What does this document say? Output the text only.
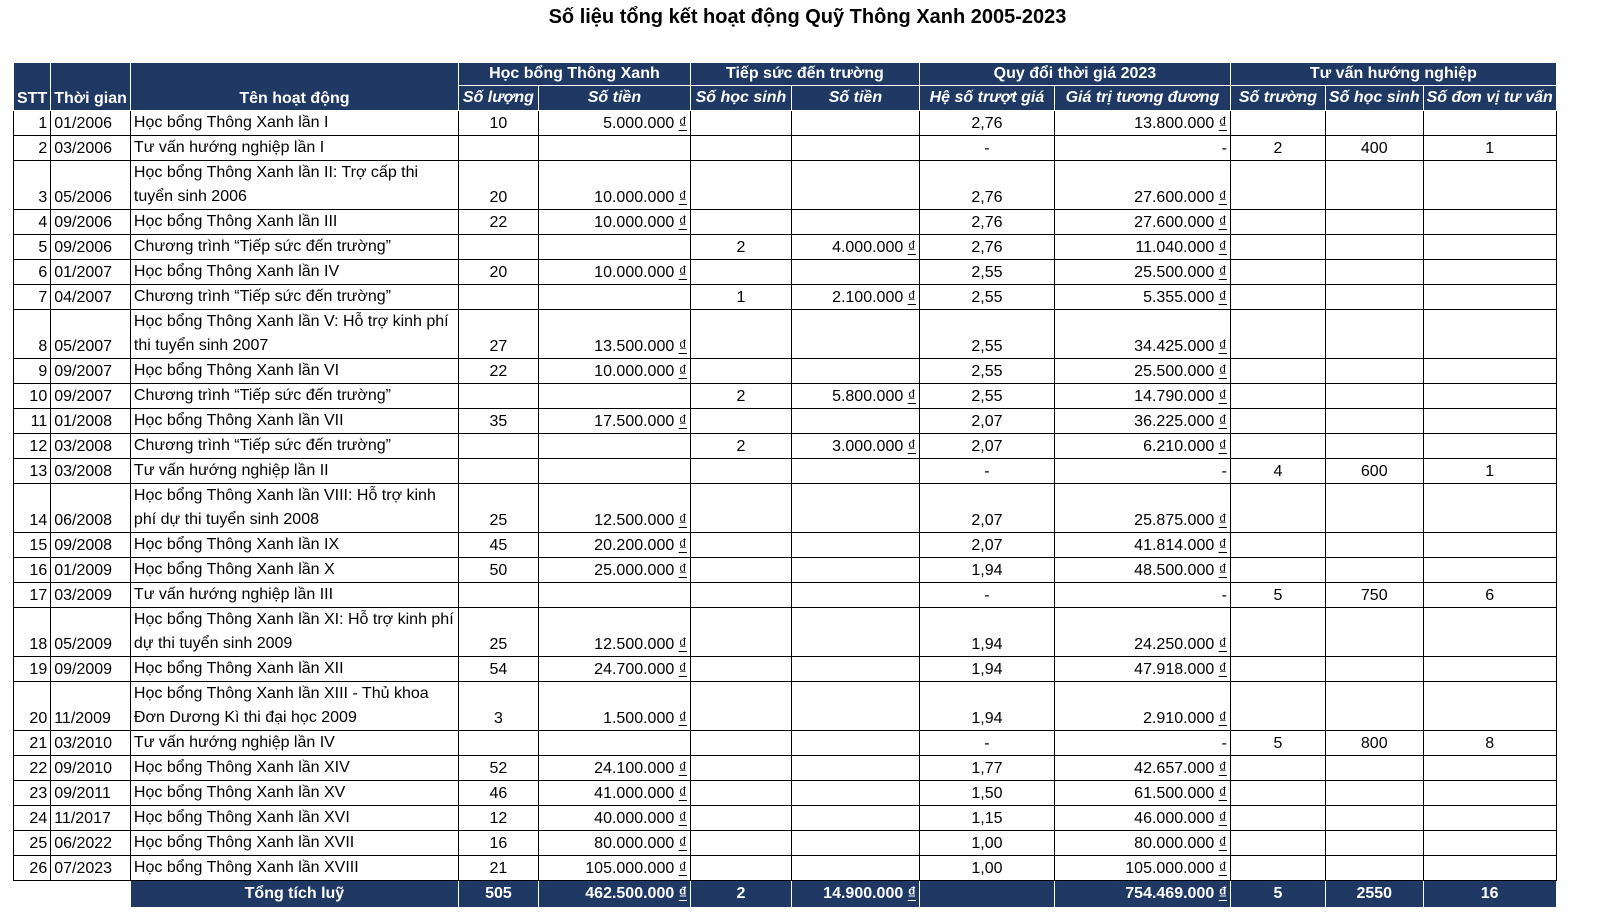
Số liệu tổng kết hoạt động Quỹ Thông Xanh 2005-2023
STT	Thời gian	Tên hoạt động	Học bổng Thông Xanh		Tiếp sức đến trường		Quy đổi thời giá 2023		Tư vấn hướng nghiệp		
			Số lượng	Số tiền	Số học sinh	Số tiền	Hệ số trượt giá	Giá trị tương đương	Số trường	Số học sinh	Số đơn vị tư vấn
1	01/2006	Học bổng Thông Xanh lần I	10	5.000.000 ₫			2,76	13.800.000 ₫			
2	03/2006	Tư vấn hướng nghiệp lần I					-	-	2	400	1
3	05/2006	Học bổng Thông Xanh lần II: Trợ cấp thi tuyển sinh 2006	20	10.000.000 ₫			2,76	27.600.000 ₫			
4	09/2006	Học bổng Thông Xanh lần III	22	10.000.000 ₫			2,76	27.600.000 ₫			
5	09/2006	Chương trình “Tiếp sức đến trường”			2	4.000.000 ₫	2,76	11.040.000 ₫			
6	01/2007	Học bổng Thông Xanh lần IV	20	10.000.000 ₫			2,55	25.500.000 ₫			
7	04/2007	Chương trình “Tiếp sức đến trường”			1	2.100.000 ₫	2,55	5.355.000 ₫			
8	05/2007	Học bổng Thông Xanh lần V: Hỗ trợ kinh phí thi tuyển sinh 2007	27	13.500.000 ₫			2,55	34.425.000 ₫			
9	09/2007	Học bổng Thông Xanh lần VI	22	10.000.000 ₫			2,55	25.500.000 ₫			
10	09/2007	Chương trình “Tiếp sức đến trường”			2	5.800.000 ₫	2,55	14.790.000 ₫			
11	01/2008	Học bổng Thông Xanh lần VII	35	17.500.000 ₫			2,07	36.225.000 ₫			
12	03/2008	Chương trình “Tiếp sức đến trường”			2	3.000.000 ₫	2,07	6.210.000 ₫			
13	03/2008	Tư vấn hướng nghiệp lần II					-	-	4	600	1
14	06/2008	Học bổng Thông Xanh lần VIII: Hỗ trợ kinh phí dự thi tuyển sinh 2008	25	12.500.000 ₫			2,07	25.875.000 ₫			
15	09/2008	Học bổng Thông Xanh lần IX	45	20.200.000 ₫			2,07	41.814.000 ₫			
16	01/2009	Học bổng Thông Xanh lần X	50	25.000.000 ₫			1,94	48.500.000 ₫			
17	03/2009	Tư vấn hướng nghiệp lần III					-	-	5	750	6
18	05/2009	Học bổng Thông Xanh lần XI: Hỗ trợ kinh phí dự thi tuyển sinh 2009	25	12.500.000 ₫			1,94	24.250.000 ₫			
19	09/2009	Học bổng Thông Xanh lần XII	54	24.700.000 ₫			1,94	47.918.000 ₫			
20	11/2009	Học bổng Thông Xanh lần XIII - Thủ khoa Đơn Dương Kì thi đại học 2009	3	1.500.000 ₫			1,94	2.910.000 ₫			
21	03/2010	Tư vấn hướng nghiệp lần IV					-	-	5	800	8
22	09/2010	Học bổng Thông Xanh lần XIV	52	24.100.000 ₫			1,77	42.657.000 ₫			
23	09/2011	Học bổng Thông Xanh lần XV	46	41.000.000 ₫			1,50	61.500.000 ₫			
24	11/2017	Học bổng Thông Xanh lần XVI	12	40.000.000 ₫			1,15	46.000.000 ₫			
25	06/2022	Học bổng Thông Xanh lần XVII	16	80.000.000 ₫			1,00	80.000.000 ₫			
26	07/2023	Học bổng Thông Xanh lần XVIII	21	105.000.000 ₫			1,00	105.000.000 ₫			
		Tổng tích luỹ	505	462.500.000 ₫	2	14.900.000 ₫		754.469.000 ₫	5	2550	16
